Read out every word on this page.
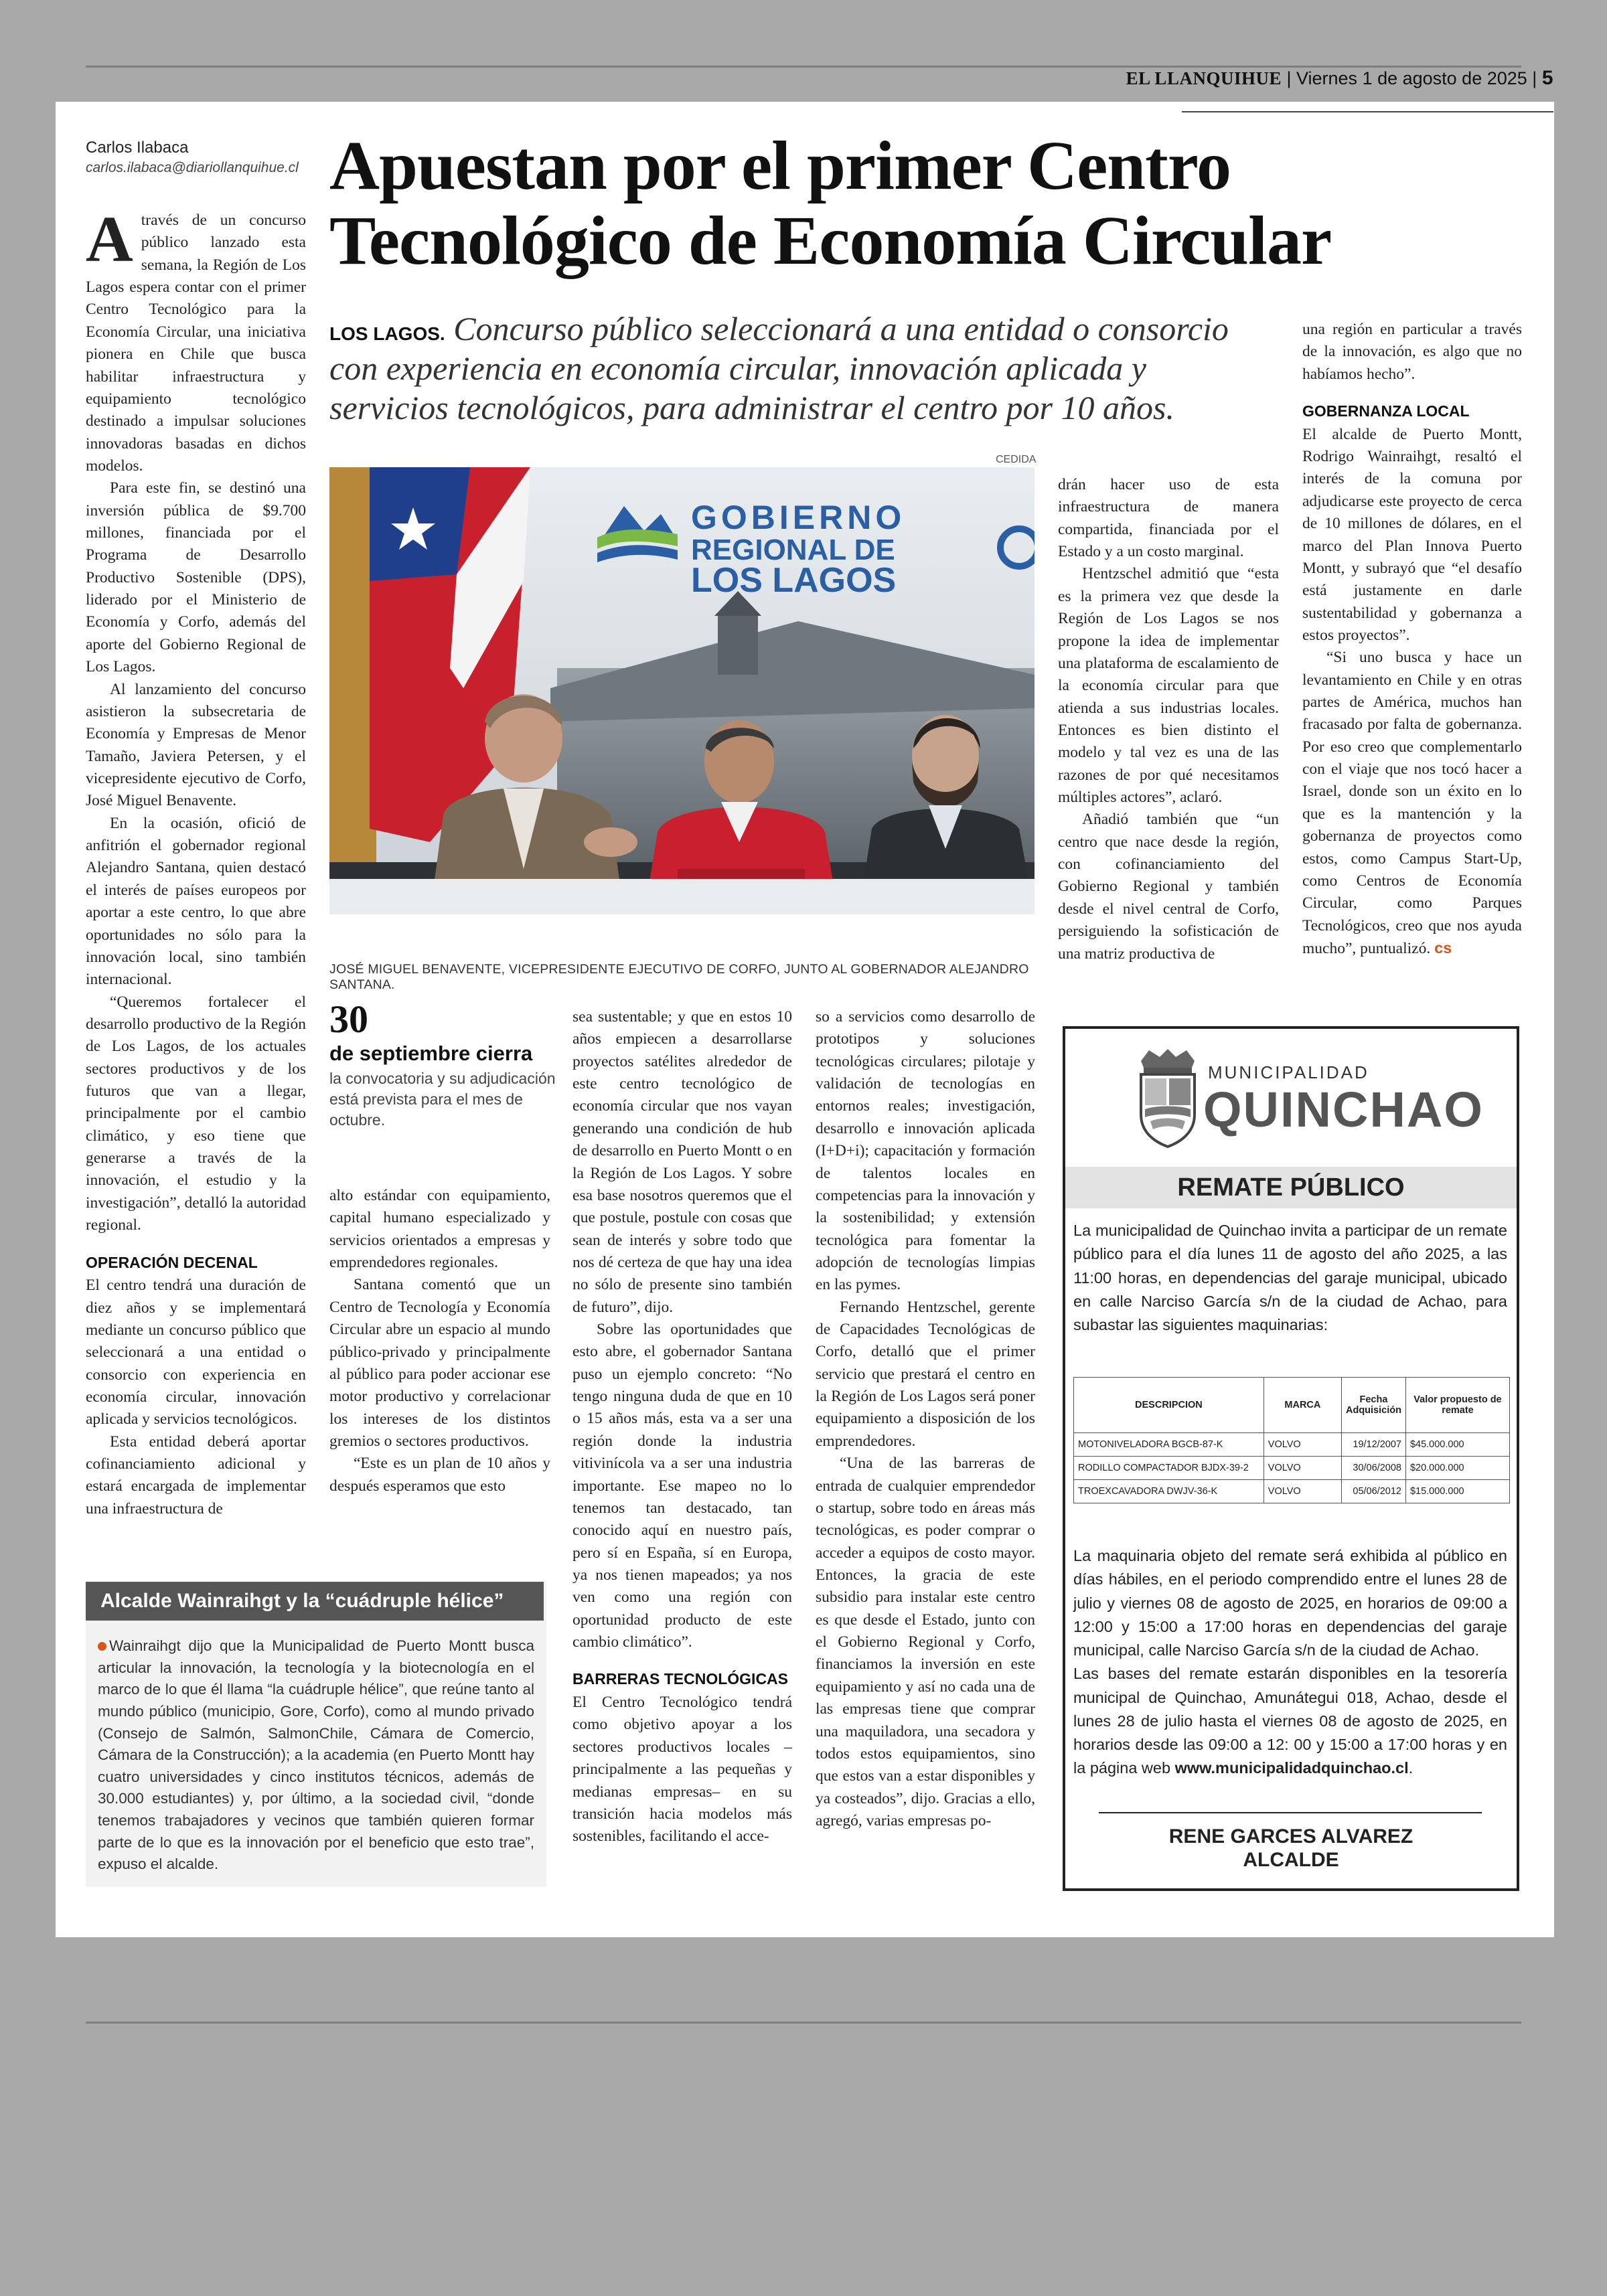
EL LLANQUIHUE | Viernes 1 de agosto de 2025 | 5
Carlos Ilabaca
carlos.ilabaca@diariollanquihue.cl Apuestan por el primer Centro
Tecnológico de Economía Circular
LOS LAGOS. Concurso público seleccionará a una entidad o consorcio con experiencia en economía circular, innovación aplicada y servicios tecnológicos, para administrar el centro por 10 años.
A través de un concurso público lanzado esta semana, la Región de Los Lagos espera contar con el primer Centro Tecnológico para la Economía Circular, una iniciativa pionera en Chile que busca habilitar infraestructura y equipamiento tecnológico destinado a impulsar soluciones innovadoras basadas en dichos modelos.

Para este fin, se destinó una inversión pública de $9.700 millones, financiada por el Programa de Desarrollo Productivo Sostenible (DPS), liderado por el Ministerio de Economía y Corfo, además del aporte del Gobierno Regional de Los Lagos.

Al lanzamiento del concurso asistieron la subsecretaria de Economía y Empresas de Menor Tamaño, Javiera Petersen, y el vicepresidente ejecutivo de Corfo, José Miguel Benavente.

En la ocasión, ofició de anfitrión el gobernador regional Alejandro Santana, quien destacó el interés de países europeos por aportar a este centro, lo que abre oportunidades no sólo para la innovación local, sino también internacional.

“Queremos fortalecer el desarrollo productivo de la Región de Los Lagos, de los actuales sectores productivos y de los futuros que van a llegar, principalmente por el cambio climático, y eso tiene que generarse a través de la innovación, el estudio y la investigación”, detalló la autoridad regional.

OPERACIÓN DECENAL

El centro tendrá una duración de diez años y se implementará mediante un concurso público que seleccionará a una entidad o consorcio con experiencia en economía circular, innovación aplicada y servicios tecnológicos.

Esta entidad deberá aportar cofinanciamiento adicional y estará encargada de implementar una infraestructura de

CEDIDA
GOBIERNO
REGIONAL DE
LOS LAGOS
JOSÉ MIGUEL BENAVENTE, VICEPRESIDENTE EJECUTIVO DE CORFO, JUNTO AL GOBERNADOR ALEJANDRO SANTANA.
30
de septiembre cierra
la convocatoria y su adjudicación está prevista para el mes de octubre.

alto estándar con equipamiento, capital humano especializado y servicios orientados a empresas y emprendedores regionales.

Santana comentó que un Centro de Tecnología y Economía Circular abre un espacio al mundo público-privado y principalmente al público para poder accionar ese motor productivo y correlacionar los intereses de los distintos gremios o sectores productivos.

“Este es un plan de 10 años y después esperamos que esto

sea sustentable; y que en estos 10 años empiecen a desarrollarse proyectos satélites alrededor de este centro tecnológico de economía circular que nos vayan generando una condición de hub de desarrollo en Puerto Montt o en la Región de Los Lagos. Y sobre esa base nosotros queremos que el que postule, postule con cosas que sean de interés y sobre todo que nos dé certeza de que hay una idea no sólo de presente sino también de futuro”, dijo.

Sobre las oportunidades que esto abre, el gobernador Santana puso un ejemplo concreto: “No tengo ninguna duda de que en 10 o 15 años más, esta va a ser una región donde la industria vitivinícola va a ser una industria importante. Ese mapeo no lo tenemos tan destacado, tan conocido aquí en nuestro país, pero sí en España, sí en Europa, ya nos tienen mapeados; ya nos ven como una región con oportunidad producto de este cambio climático”.

BARRERAS TECNOLÓGICAS

El Centro Tecnológico tendrá como objetivo apoyar a los sectores productivos locales –principalmente a las pequeñas y medianas empresas– en su transición hacia modelos más sostenibles, facilitando el acce-

drán hacer uso de esta infraestructura de manera compartida, financiada por el Estado y a un costo marginal.

Hentzschel admitió que “esta es la primera vez que desde la Región de Los Lagos se nos propone la idea de implementar una plataforma de escalamiento de la economía circular para que atienda a sus industrias locales. Entonces es bien distinto el modelo y tal vez es una de las razones de por qué necesitamos múltiples actores”, aclaró.

Añadió también que “un centro que nace desde la región, con cofinanciamiento del Gobierno Regional y también desde el nivel central de Corfo, persiguiendo la sofisticación de una matriz productiva de

so a servicios como desarrollo de prototipos y soluciones tecnológicas circulares; pilotaje y validación de tecnologías en entornos reales; investigación, desarrollo e innovación aplicada (I+D+i); capacitación y formación de talentos locales en competencias para la innovación y la sostenibilidad; y extensión tecnológica para fomentar la adopción de tecnologías limpias en las pymes.

Fernando Hentzschel, gerente de Capacidades Tecnológicas de Corfo, detalló que el primer servicio que prestará el centro en la Región de Los Lagos será poner equipamiento a disposición de los emprendedores.

“Una de las barreras de entrada de cualquier emprendedor o startup, sobre todo en áreas más tecnológicas, es poder comprar o acceder a equipos de costo mayor. Entonces, la gracia de este subsidio para instalar este centro es que desde el Estado, junto con el Gobierno Regional y Corfo, financiamos la inversión en este equipamiento y así no cada una de las empresas tiene que comprar una maquiladora, una secadora y todos estos equipamientos, sino que estos van a estar disponibles y ya costeados”, dijo. Gracias a ello, agregó, varias empresas po-

una región en particular a través de la innovación, es algo que no habíamos hecho”.

GOBERNANZA LOCAL

El alcalde de Puerto Montt, Rodrigo Wainraihgt, resaltó el interés de la comuna por adjudicarse este proyecto de cerca de 10 millones de dólares, en el marco del Plan Innova Puerto Montt, y subrayó que “el desafío está justamente en darle sustentabilidad y gobernanza a estos proyectos”.

“Si uno busca y hace un levantamiento en Chile y en otras partes de América, muchos han fracasado por falta de gobernanza. Por eso creo que complementarlo con el viaje que nos tocó hacer a Israel, donde son un éxito en lo que es la mantención y la gobernanza de proyectos como estos, como Campus Start-Up, como Centros de Economía Circular, como Parques Tecnológicos, creo que nos ayuda mucho”, puntualizó. cs

Alcalde Wainraihgt y la “cuádruple hélice”
Wainraihgt dijo que la Municipalidad de Puerto Montt busca articular la innovación, la tecnología y la biotecnología en el marco de lo que él llama “la cuádruple hélice”, que reúne tanto al mundo público (municipio, Gore, Corfo), como al mundo privado (Consejo de Salmón, SalmonChile, Cámara de Comercio, Cámara de la Construcción); a la academia (en Puerto Montt hay cuatro universidades y cinco institutos técnicos, además de 30.000 estudiantes) y, por último, a la sociedad civil, “donde tenemos trabajadores y vecinos que también quieren formar parte de lo que es la innovación por el beneficio que esto trae”, expuso el alcalde.
MUNICIPALIDAD
QUINCHAO
REMATE PÚBLICO
La municipalidad de Quinchao invita a participar de un remate público para el día lunes 11 de agosto del año 2025, a las 11:00 horas, en dependencias del garaje municipal, ubicado en calle Narciso García s/n de la ciudad de Achao, para subastar las siguientes maquinarias:
DESCRIPCION	MARCA	Fecha Adquisición	Valor propuesto de remate
MOTONIVELADORA BGCB-87-K	VOLVO	19/12/2007	$45.000.000
RODILLO COMPACTADOR BJDX-39-2	VOLVO	30/06/2008	$20.000.000
TROEXCAVADORA DWJV-36-K	VOLVO	05/06/2012	$15.000.000
La maquinaria objeto del remate será exhibida al público en días hábiles, en el periodo comprendido entre el lunes 28 de julio y viernes 08 de agosto de 2025, en horarios de 09:00 a 12:00 y 15:00 a 17:00 horas en dependencias del garaje municipal, calle Narciso García s/n de la ciudad de Achao.
Las bases del remate estarán disponibles en la tesorería municipal de Quinchao, Amunátegui 018, Achao, desde el lunes 28 de julio hasta el viernes 08 de agosto de 2025, en horarios desde las 09:00 a 12: 00 y 15:00 a 17:00 horas y en la página web www.municipalidadquinchao.cl.
RENE GARCES ALVAREZ
ALCALDE
